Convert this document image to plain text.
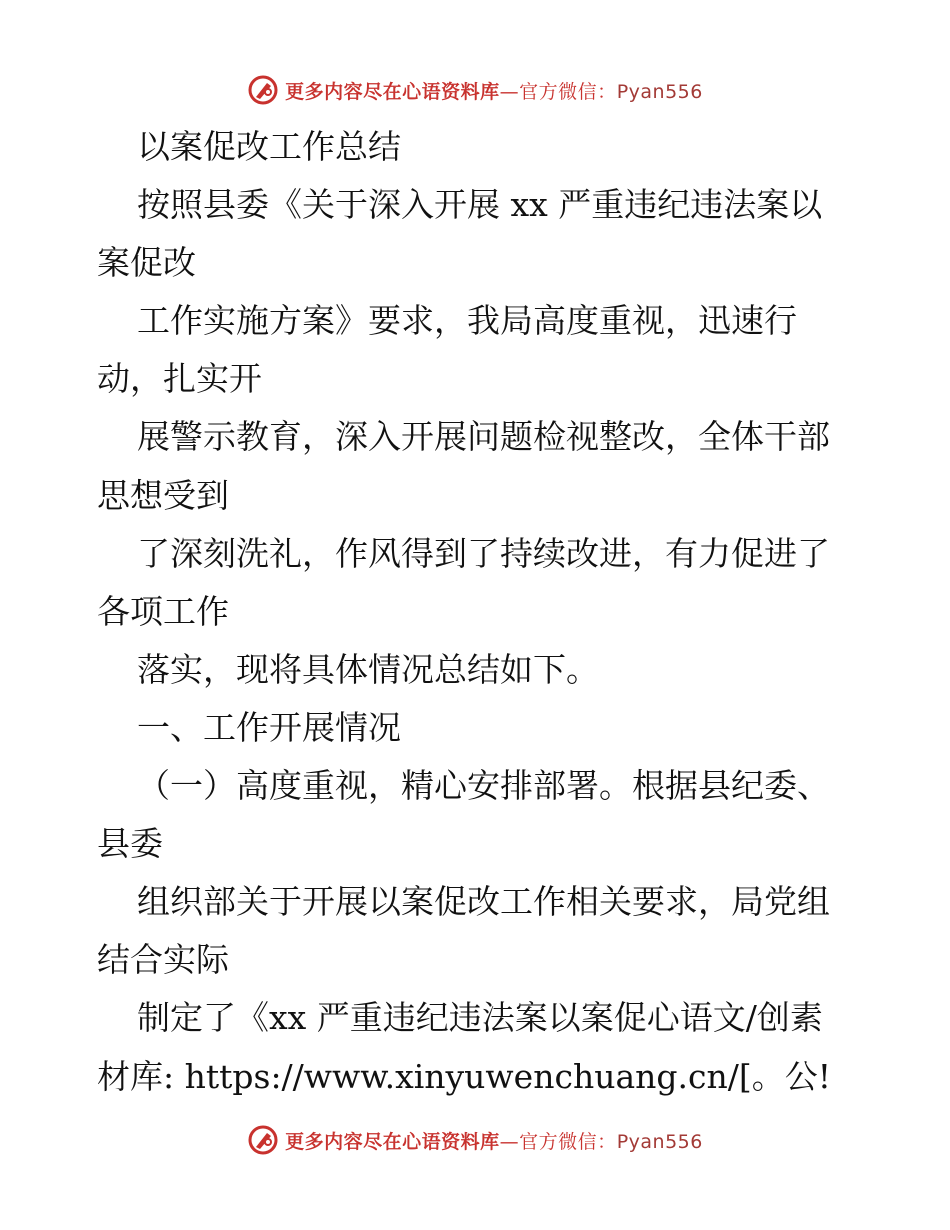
更多内容尽在心语资料库—官方微信：Pyan556
以案促改工作总结
按照县委《关于深入开展 xx 严重违纪违法案以
案促改
工作实施方案》要求，我局高度重视，迅速行
动，扎实开
展警示教育，深入开展问题检视整改，全体干部
思想受到
了深刻洗礼，作风得到了持续改进，有力促进了
各项工作
落实，现将具体情况总结如下。
一、工作开展情况
（一）高度重视，精心安排部署。根据县纪委、
县委
组织部关于开展以案促改工作相关要求，局党组
结合实际
制定了《xx 严重违纪违法案以案促心语文/创素
材库: https://www.xinyuwenchuang.cn/[。公!
更多内容尽在心语资料库—官方微信：Pyan556
